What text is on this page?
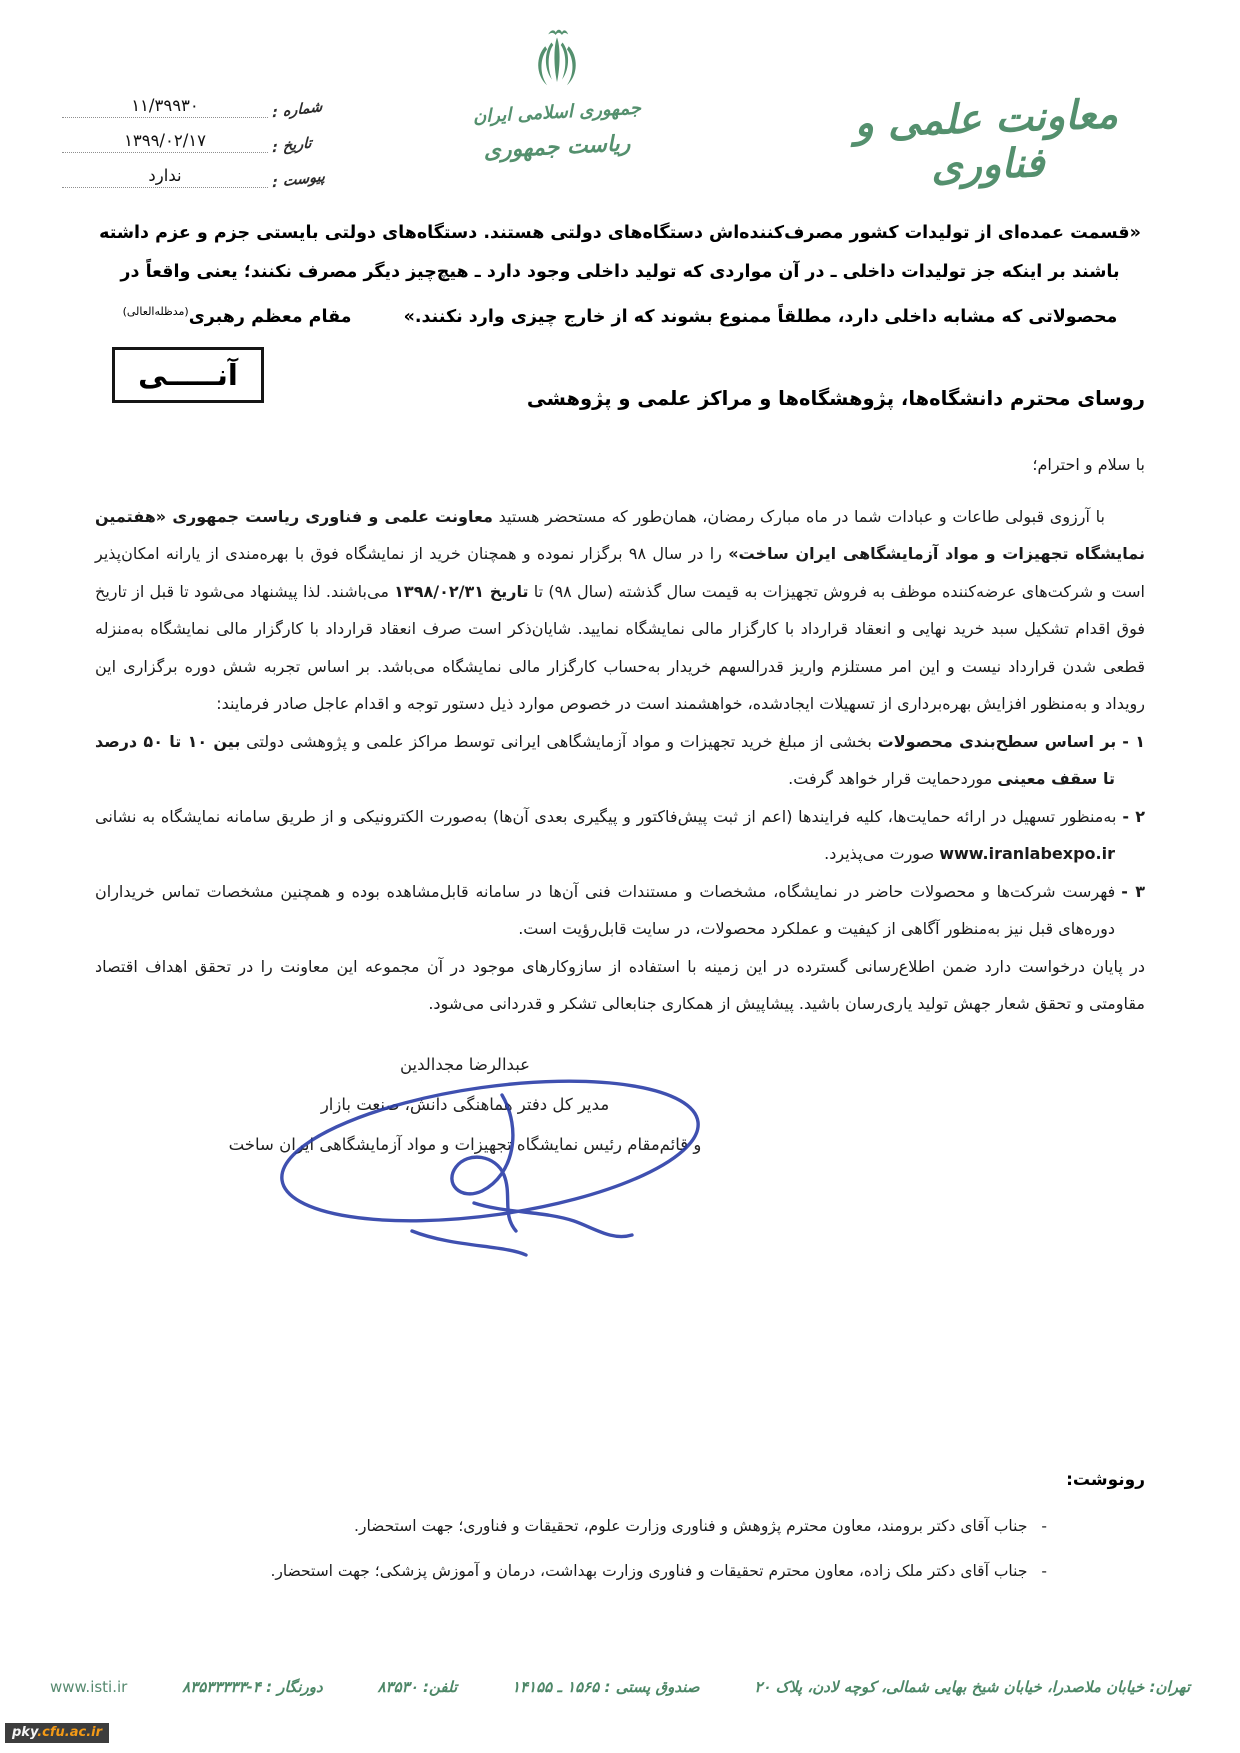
شماره :
۱۱/۳۹۹۳۰
تاریخ :
۱۳۹۹/۰۲/۱۷
پیوست :
ندارد
جمهوری اسلامی ایران
ریاست جمهوری
معاونت علمی و فناوری
«قسمت عمده‌ای از تولیدات کشور مصرف‌کننده‌اش دستگاه‌های دولتی هستند. دستگاه‌های دولتی بایستی جزم و عزم داشته باشند بر اینکه جز تولیدات داخلی ـ در آن مواردی که تولید داخلی وجود دارد ـ هیچ‌چیز دیگر مصرف نکنند؛ یعنی واقعاً در محصولاتی که مشابه داخلی دارد، مطلقاً ممنوع بشوند که از خارج چیزی وارد نکنند.» مقام معظم رهبری$^{(مدظله‌العالی)}$
آنـــــی
روسای محترم دانشگاه‌ها، پژوهشگاه‌ها و مراکز علمی و پژوهشی
با سلام و احترام؛

با آرزوی قبولی طاعات و عبادات شما در ماه مبارک رمضان، همان‌طور که مستحضر هستید معاونت علمی و فناوری ریاست جمهوری «هفتمین نمایشگاه تجهیزات و مواد آزمایشگاهی ایران ساخت» را در سال ۹۸ برگزار نموده و همچنان خرید از نمایشگاه فوق با بهره‌مندی از یارانه امکان‌پذیر است و شرکت‌های عرضه‌کننده موظف به فروش تجهیزات به قیمت سال گذشته (سال ۹۸) تا تاریخ ۱۳۹۸/۰۲/۳۱ می‌باشند. لذا پیشنهاد می‌شود تا قبل از تاریخ فوق اقدام تشکیل سبد خرید نهایی و انعقاد قرارداد با کارگزار مالی نمایشگاه نمایید. شایان‌ذکر است صرف انعقاد قرارداد با کارگزار مالی نمایشگاه به‌منزله قطعی شدن قرارداد نیست و این امر مستلزم واریز قدرالسهم خریدار به‌حساب کارگزار مالی نمایشگاه می‌باشد. بر اساس تجربه شش دوره برگزاری این رویداد و به‌منظور افزایش بهره‌برداری از تسهیلات ایجادشده، خواهشمند است در خصوص موارد ذیل دستور توجه و اقدام عاجل صادر فرمایند:

۱ -بر اساس سطح‌بندی محصولات بخشی از مبلغ خرید تجهیزات و مواد آزمایشگاهی ایرانی توسط مراکز علمی و پژوهشی دولتی بین ۱۰ تا ۵۰ درصد تا سقف معینی موردحمایت قرار خواهد گرفت.
۲ -به‌منظور تسهیل در ارائه حمایت‌ها، کلیه فرایندها (اعم از ثبت پیش‌فاکتور و پیگیری بعدی آن‌ها) به‌صورت الکترونیکی و از طریق سامانه نمایشگاه به نشانی www.iranlabexpo.ir صورت می‌پذیرد.
۳ -فهرست شرکت‌ها و محصولات حاضر در نمایشگاه، مشخصات و مستندات فنی آن‌ها در سامانه قابل‌مشاهده بوده و همچنین مشخصات تماس خریداران دوره‌های قبل نیز به‌منظور آگاهی از کیفیت و عملکرد محصولات، در سایت قابل‌رؤیت است.

در پایان درخواست دارد ضمن اطلاع‌رسانی گسترده در این زمینه با استفاده از سازوکارهای موجود در آن مجموعه این معاونت را در تحقق اهداف اقتصاد مقاومتی و تحقق شعار جهش تولید یاری‌رسان باشید. پیشاپیش از همکاری جنابعالی تشکر و قدردانی می‌شود.

عبدالرضا مجدالدین
مدیر کل دفتر هماهنگی دانش، صنعت بازار
و قائم‌مقام رئیس نمایشگاه تجهیزات و مواد آزمایشگاهی ایران ساخت
رونوشت:
-جناب آقای دکتر برومند، معاون محترم پژوهش و فناوری وزارت علوم، تحقیقات و فناوری؛ جهت استحضار.
-جناب آقای دکتر ملک زاده، معاون محترم تحقیقات و فناوری وزارت بهداشت، درمان و آموزش پزشکی؛ جهت استحضار.
تهران: خیابان ملاصدرا، خیابان شیخ بهایی شمالی، کوچه لادن، پلاک ۲۰
صندوق پستی : ۱۵۶۵ ـ ۱۴۱۵۵
تلفن: ۸۳۵۳۰
دورنگار : ۴-۸۳۵۳۳۳۳۳
www.isti.ir
pky.cfu.ac.ir
